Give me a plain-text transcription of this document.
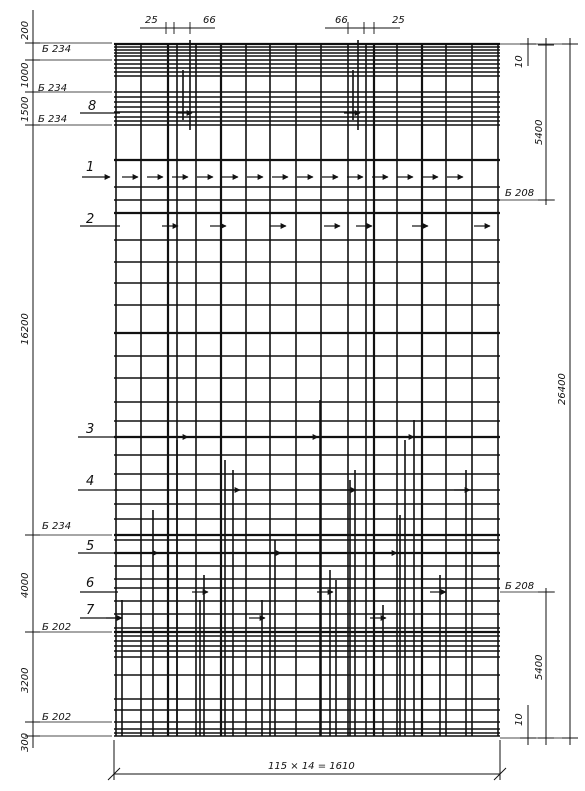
200
1000
1500
16200
4000
3200
300
Б 234
Б 234
Б 234
Б 234
Б 202
Б 202
Б 208
Б 208
10
5400
26400
5400
10
25	66	66	25
115 × 14 = 1610
8
1
2
3
4
5
6
7
